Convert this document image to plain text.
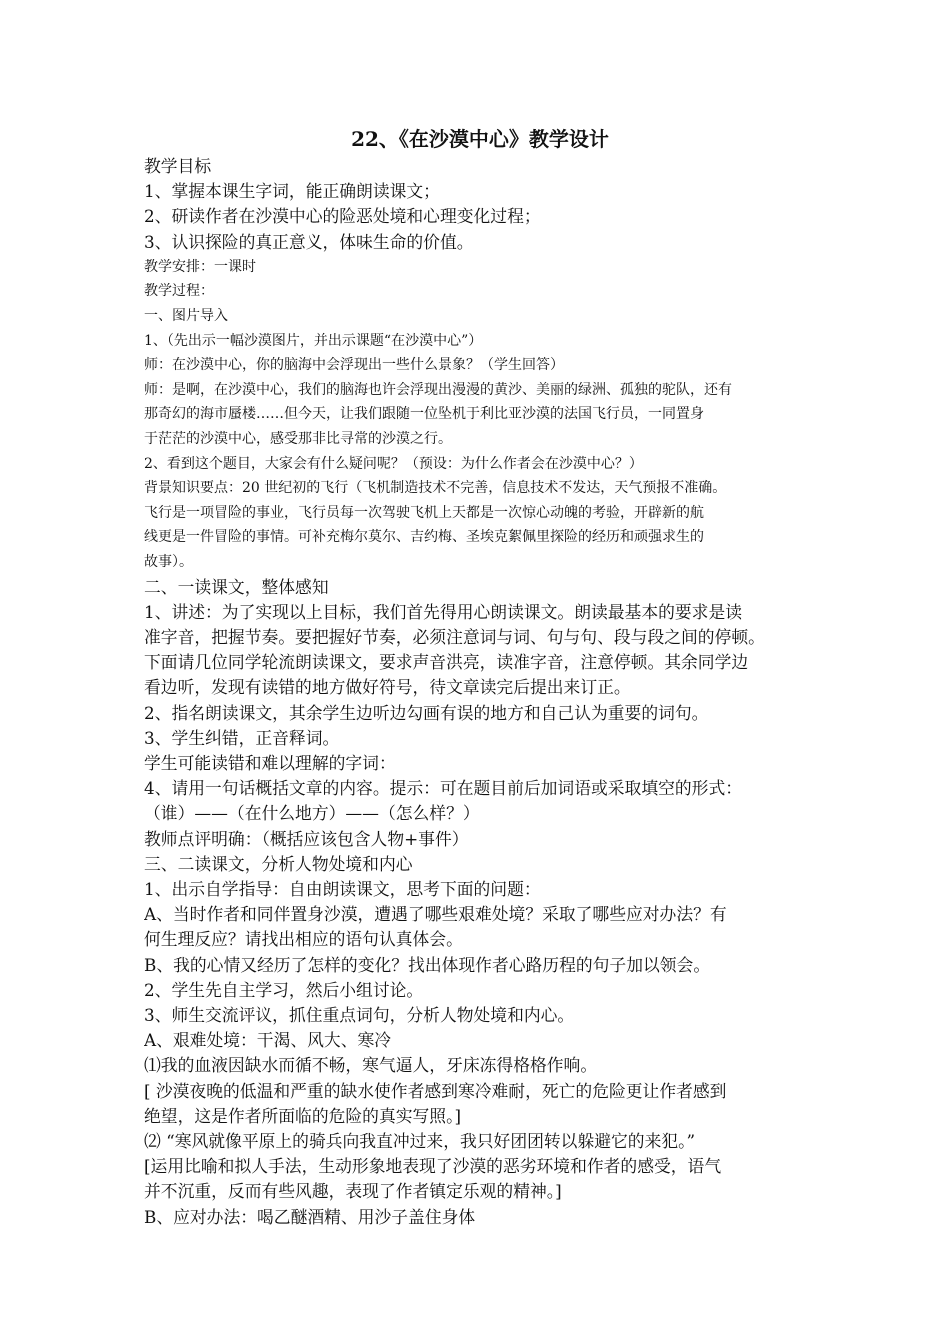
22、《在沙漠中心》教学设计

教学目标

1、掌握本课生字词，能正确朗读课文；

2、研读作者在沙漠中心的险恶处境和心理变化过程；

3、认识探险的真正意义，体味生命的价值。

教学安排：一课时

教学过程：

一、图片导入

1、（先出示一幅沙漠图片，并出示课题“在沙漠中心”）

师：在沙漠中心，你的脑海中会浮现出一些什么景象？（学生回答）

师：是啊，在沙漠中心，我们的脑海也许会浮现出漫漫的黄沙、美丽的绿洲、孤独的驼队，还有

那奇幻的海市蜃楼……但今天，让我们跟随一位坠机于利比亚沙漠的法国飞行员，一同置身

于茫茫的沙漠中心，感受那非比寻常的沙漠之行。

2、看到这个题目，大家会有什么疑问呢？（预设：为什么作者会在沙漠中心？）

背景知识要点：20 世纪初的飞行（飞机制造技术不完善，信息技术不发达，天气预报不准确。

飞行是一项冒险的事业，飞行员每一次驾驶飞机上天都是一次惊心动魄的考验，开辟新的航

线更是一件冒险的事情。可补充梅尔莫尔、吉约梅、圣埃克絮佩里探险的经历和顽强求生的

故事）。

二、一读课文，整体感知

1、讲述：为了实现以上目标，我们首先得用心朗读课文。朗读最基本的要求是读

准字音，把握节奏。要把握好节奏，必须注意词与词、句与句、段与段之间的停顿。

下面请几位同学轮流朗读课文，要求声音洪亮，读准字音，注意停顿。其余同学边

看边听，发现有读错的地方做好符号，待文章读完后提出来订正。

2、指名朗读课文，其余学生边听边勾画有误的地方和自己认为重要的词句。

3、学生纠错，正音释词。

学生可能读错和难以理解的字词：

4、请用一句话概括文章的内容。提示：可在题目前后加词语或采取填空的形式：

（谁）——（在什么地方）——（怎么样？）

教师点评明确：（概括应该包含人物+事件）

三、二读课文，分析人物处境和内心

1、出示自学指导：自由朗读课文，思考下面的问题：

A、当时作者和同伴置身沙漠，遭遇了哪些艰难处境？采取了哪些应对办法？有

何生理反应？请找出相应的语句认真体会。

B、我的心情又经历了怎样的变化？找出体现作者心路历程的句子加以领会。

2、学生先自主学习，然后小组讨论。

3、师生交流评议，抓住重点词句，分析人物处境和内心。

A、艰难处境：干渴、风大、寒冷

⑴我的血液因缺水而循不畅，寒气逼人，牙床冻得格格作响。

[ 沙漠夜晚的低温和严重的缺水使作者感到寒冷难耐，死亡的危险更让作者感到

绝望，这是作者所面临的危险的真实写照。]

⑵ “寒风就像平原上的骑兵向我直冲过来，我只好团团转以躲避它的来犯。”

[运用比喻和拟人手法，生动形象地表现了沙漠的恶劣环境和作者的感受，语气

并不沉重，反而有些风趣，表现了作者镇定乐观的精神。]

B、应对办法：喝乙醚酒精、用沙子盖住身体
